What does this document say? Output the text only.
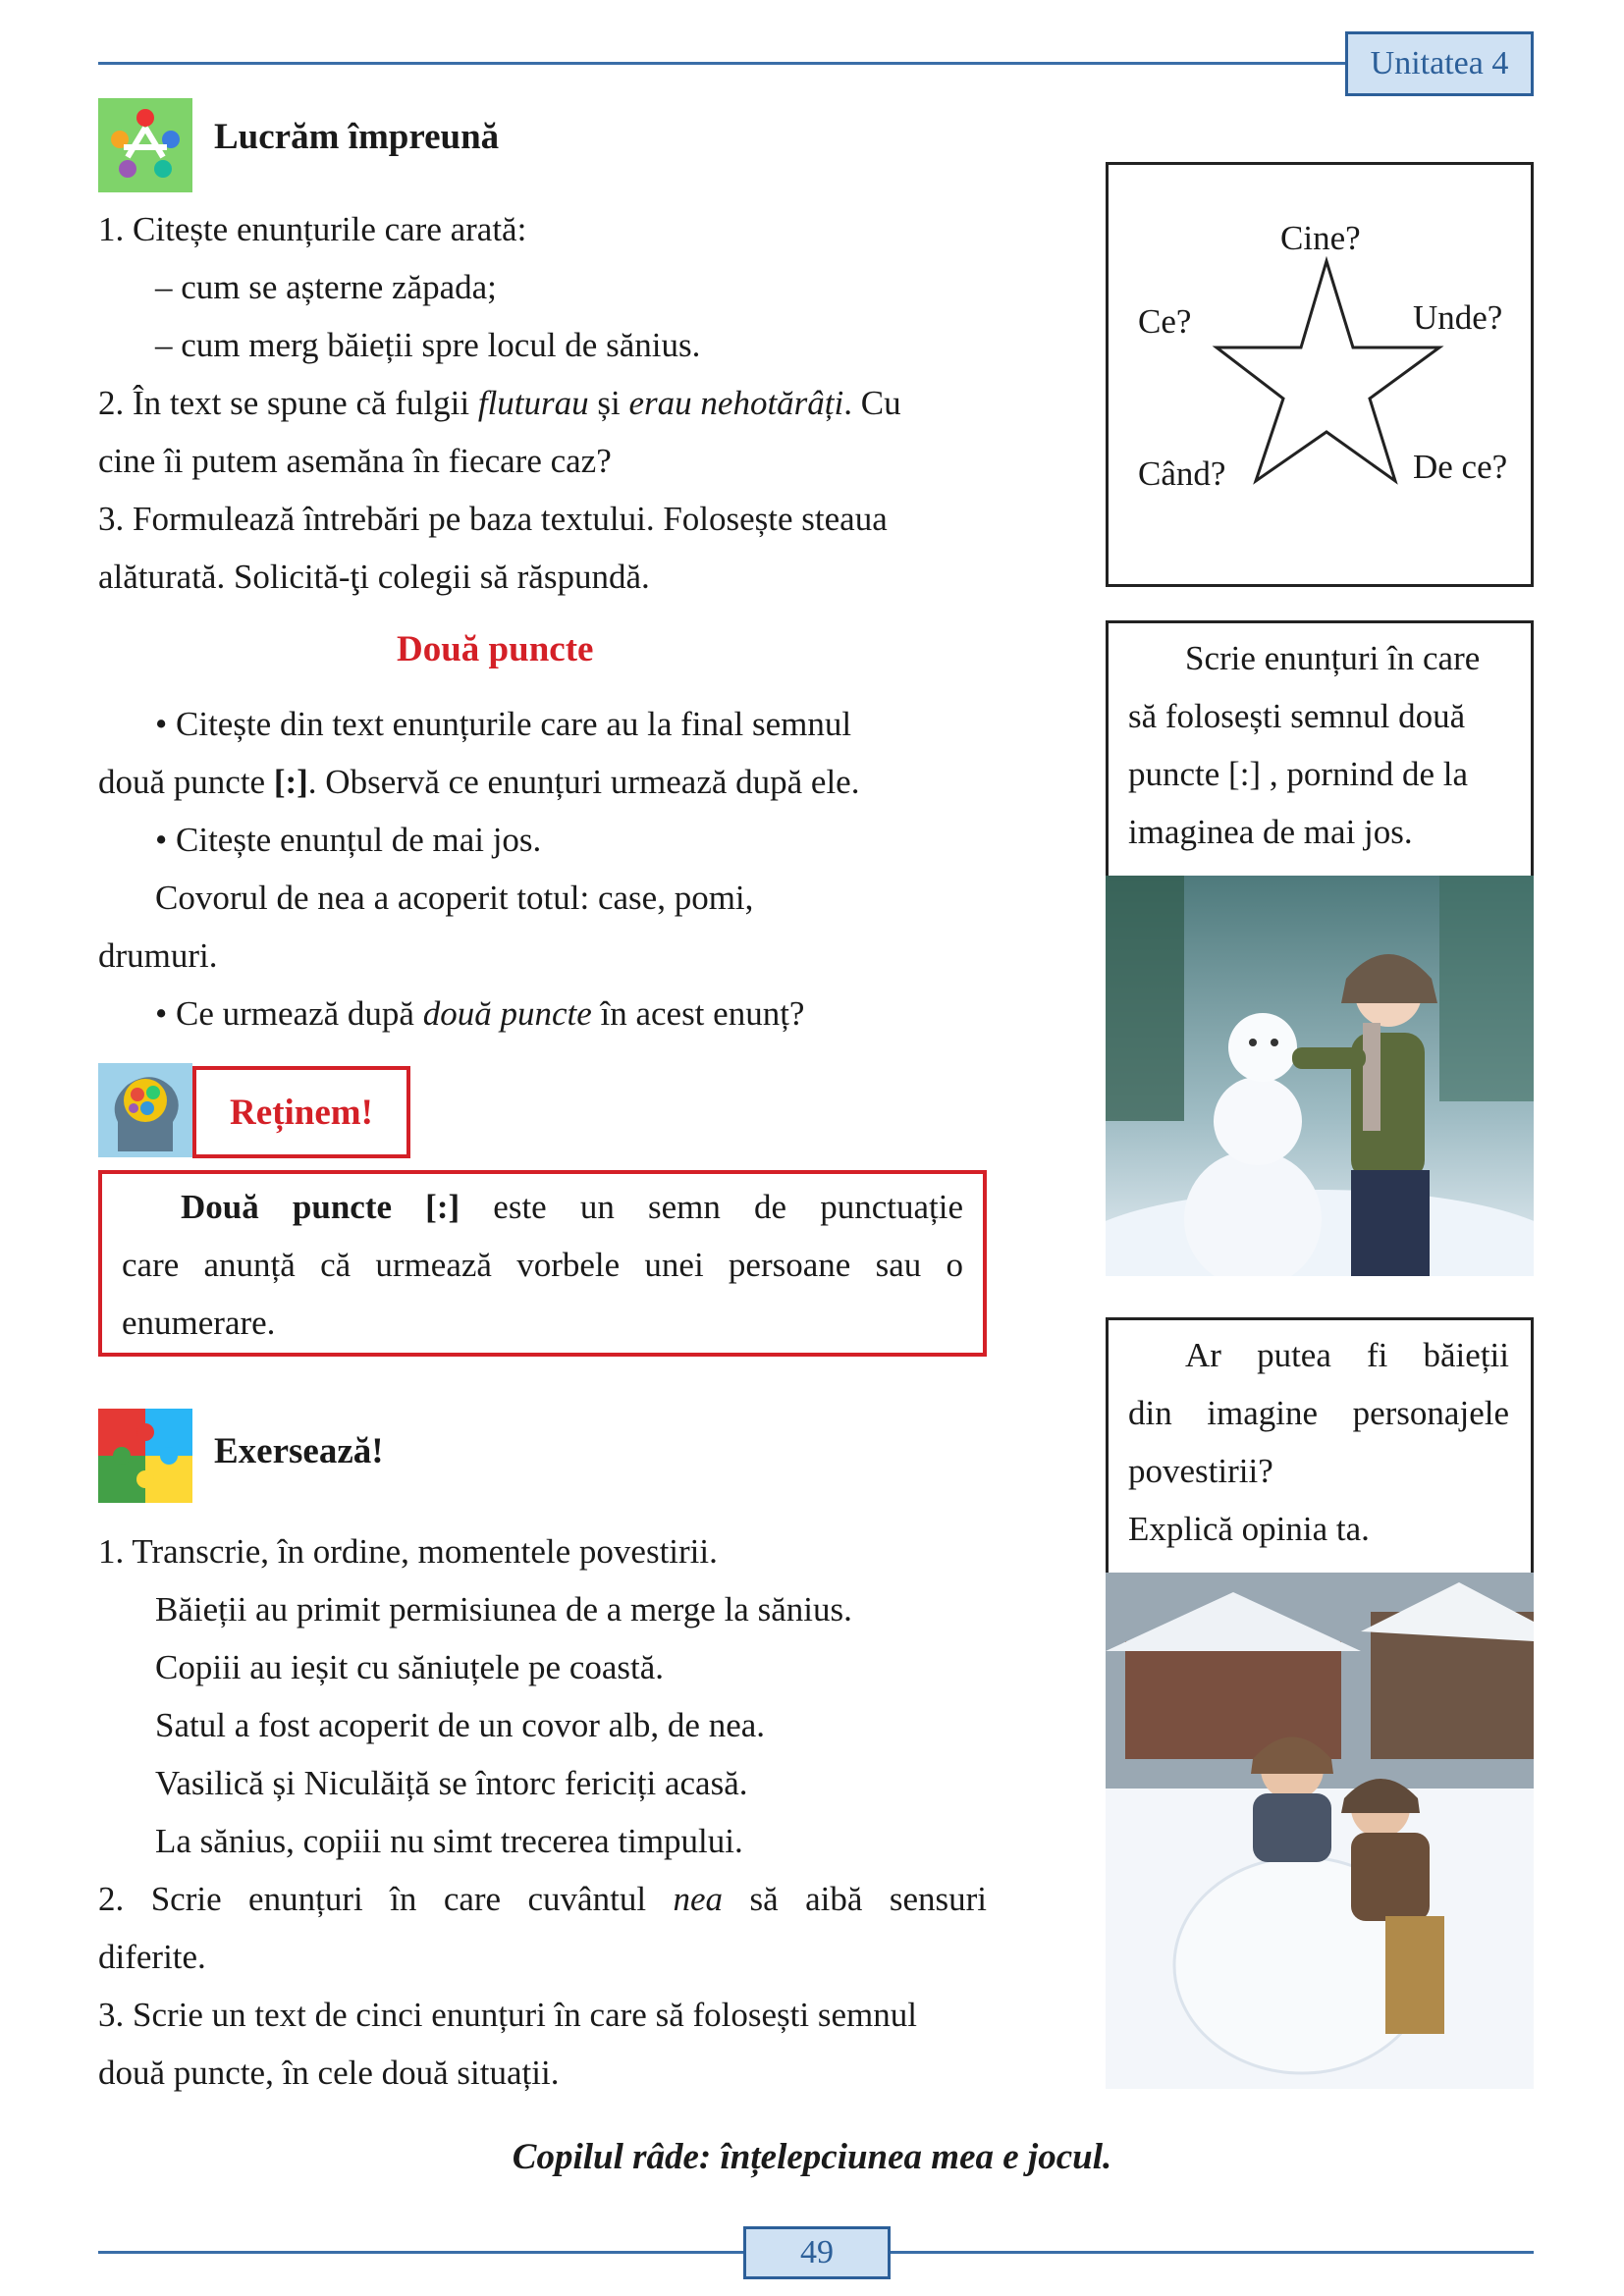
Unitatea 4
Lucrăm împreună
1. Citește enunțurile care arată:
– cum se așterne zăpada;
– cum merg băieții spre locul de sănius.
2. În text se spune că fulgii fluturau și erau nehotărâți. Cu
cine îi putem asemăna în fiecare caz?
3. Formulează întrebări pe baza textului. Folosește steaua
alăturată. Solicită-ţi colegii să răspundă.
Cine?
Ce?	Unde?
Când?	De ce?
Două puncte
• Citește din text enunțurile care au la final semnul
două puncte [:]. Observă ce enunțuri urmează după ele.
• Citește enunțul de mai jos.
Covorul de nea a acoperit totul: case, pomi,
drumuri.
• Ce urmează după două puncte în acest enunț?
Reținem!
Două puncte [:] este un semn de punctuație
care anunță că urmează vorbele unei persoane sau o
enumerare.
Scrie enunțuri în care
să folosești semnul două
puncte [:] , pornind de la
imaginea de mai jos.
Ar putea fi băieții
din imagine personajele
povestirii?
Explică opinia ta.
Exersează!
1. Transcrie, în ordine, momentele povestirii.
Băieții au primit permisiunea de a merge la sănius.
Copiii au ieșit cu săniuțele pe coastă.
Satul a fost acoperit de un covor alb, de nea.
Vasilică și Niculăiță se întorc fericiți acasă.
La sănius, copiii nu simt trecerea timpului.
2. Scrie enunțuri în care cuvântul nea să aibă sensuri
diferite.
3. Scrie un text de cinci enunțuri în care să folosești semnul
două puncte, în cele două situații.
Copilul râde: înțelepciunea mea e jocul.
49
